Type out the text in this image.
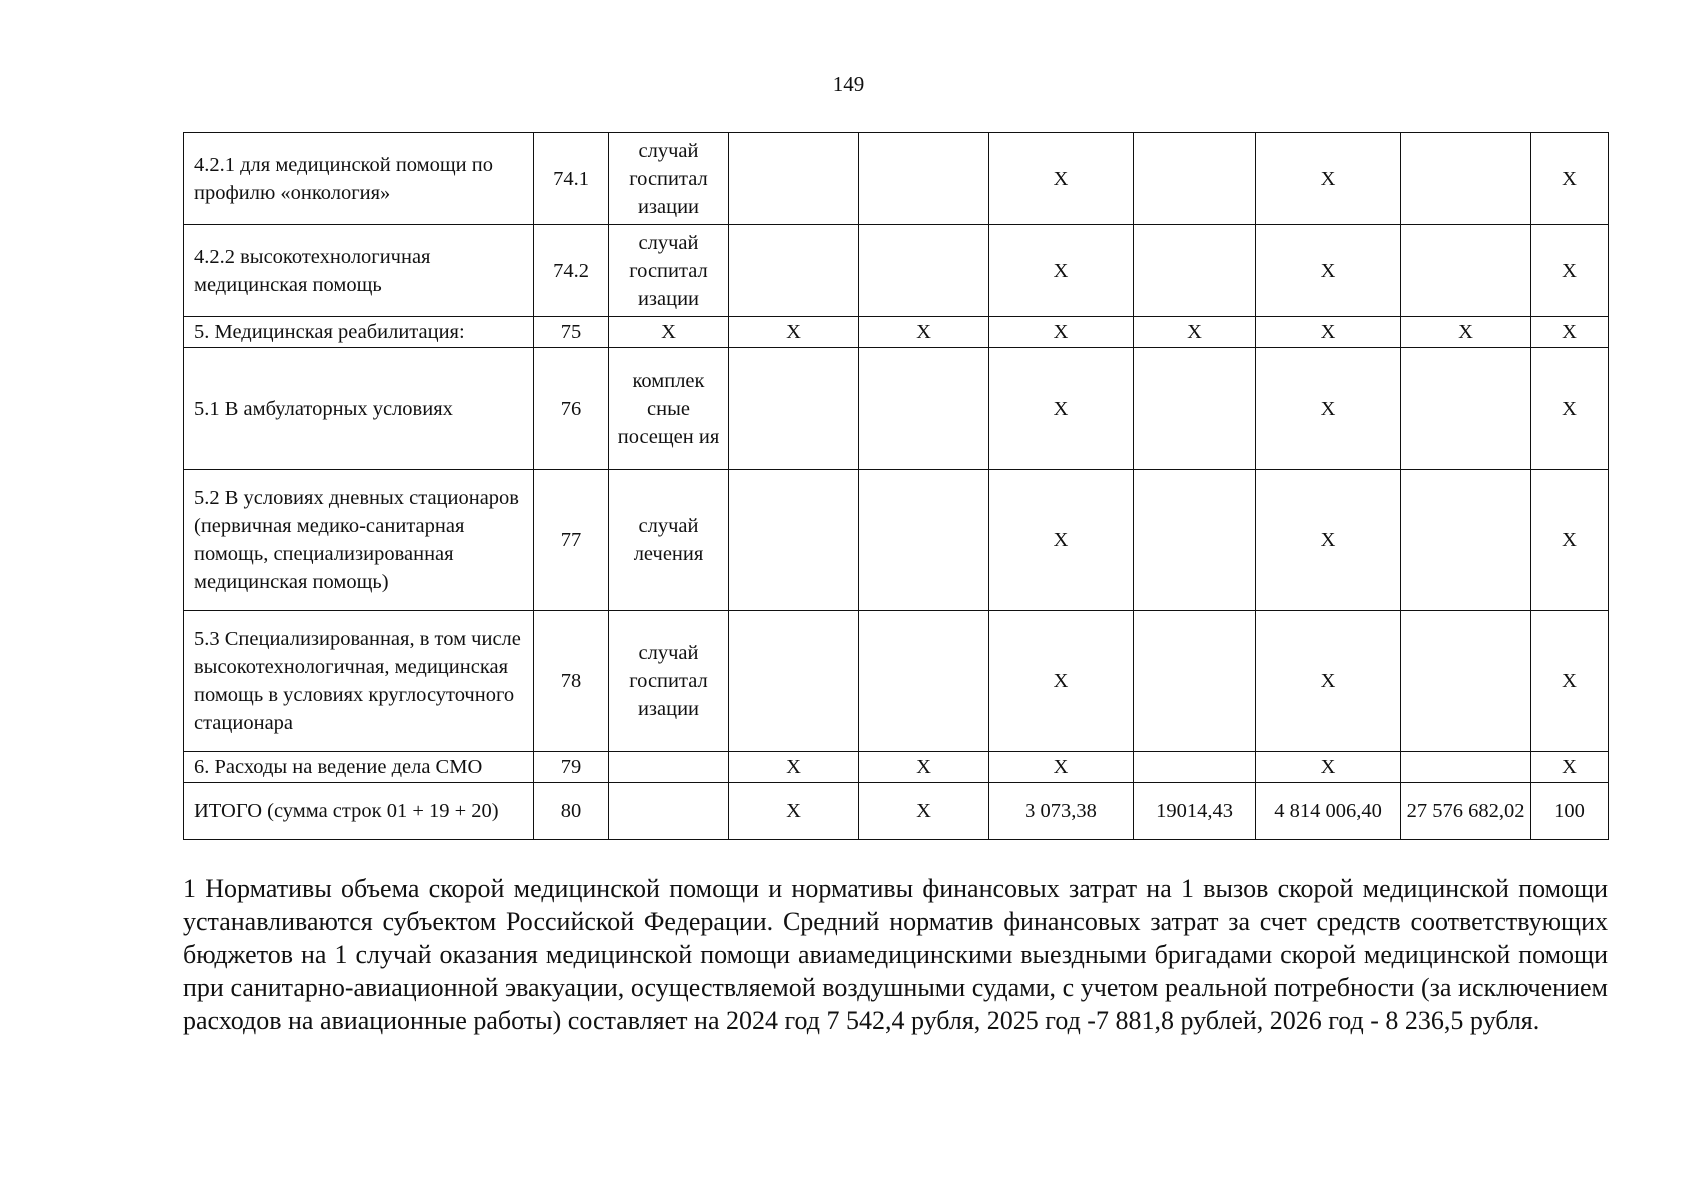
149
4.2.1 для медицинской помощи по профилю «онкология»	74.1	случай госпитал изации			Х		Х		Х
4.2.2 высокотехнологичная медицинская помощь	74.2	случай госпитал изации			Х		Х		Х
5. Медицинская реабилитация:	75	Х	Х	Х	Х	Х	Х	Х	Х
5.1 В амбулаторных условиях	76	комплек сные посещен ия			Х		Х		Х
5.2 В условиях дневных стационаров (первичная медико-санитарная помощь, специализированная медицинская помощь)	77	случай лечения			Х		Х		Х
5.3 Специализированная, в том числе высокотехнологичная, медицинская помощь в условиях круглосуточного стационара	78	случай госпитал изации			Х		Х		Х
6. Расходы на ведение дела СМО	79		Х	Х	Х		Х		Х
ИТОГО (сумма строк 01 + 19 + 20)	80		Х	Х	3 073,38	19014,43	4 814 006,40	27 576 682,02	100
1 Нормативы объема скорой медицинской помощи и нормативы финансовых затрат на 1 вызов скорой медицинской помощи устанавливаются субъектом Российской Федерации. Средний норматив финансовых затрат за счет средств соответствующих бюджетов на 1 случай оказания медицинской помощи авиамедицинскими выездными бригадами скорой медицинской помощи при санитарно-авиационной эвакуации, осуществляемой воздушными судами, с учетом реальной потребности (за исключением расходов на авиационные работы) составляет на 2024 год 7 542,4 рубля, 2025 год -7 881,8 рублей, 2026 год - 8 236,5 рубля.
